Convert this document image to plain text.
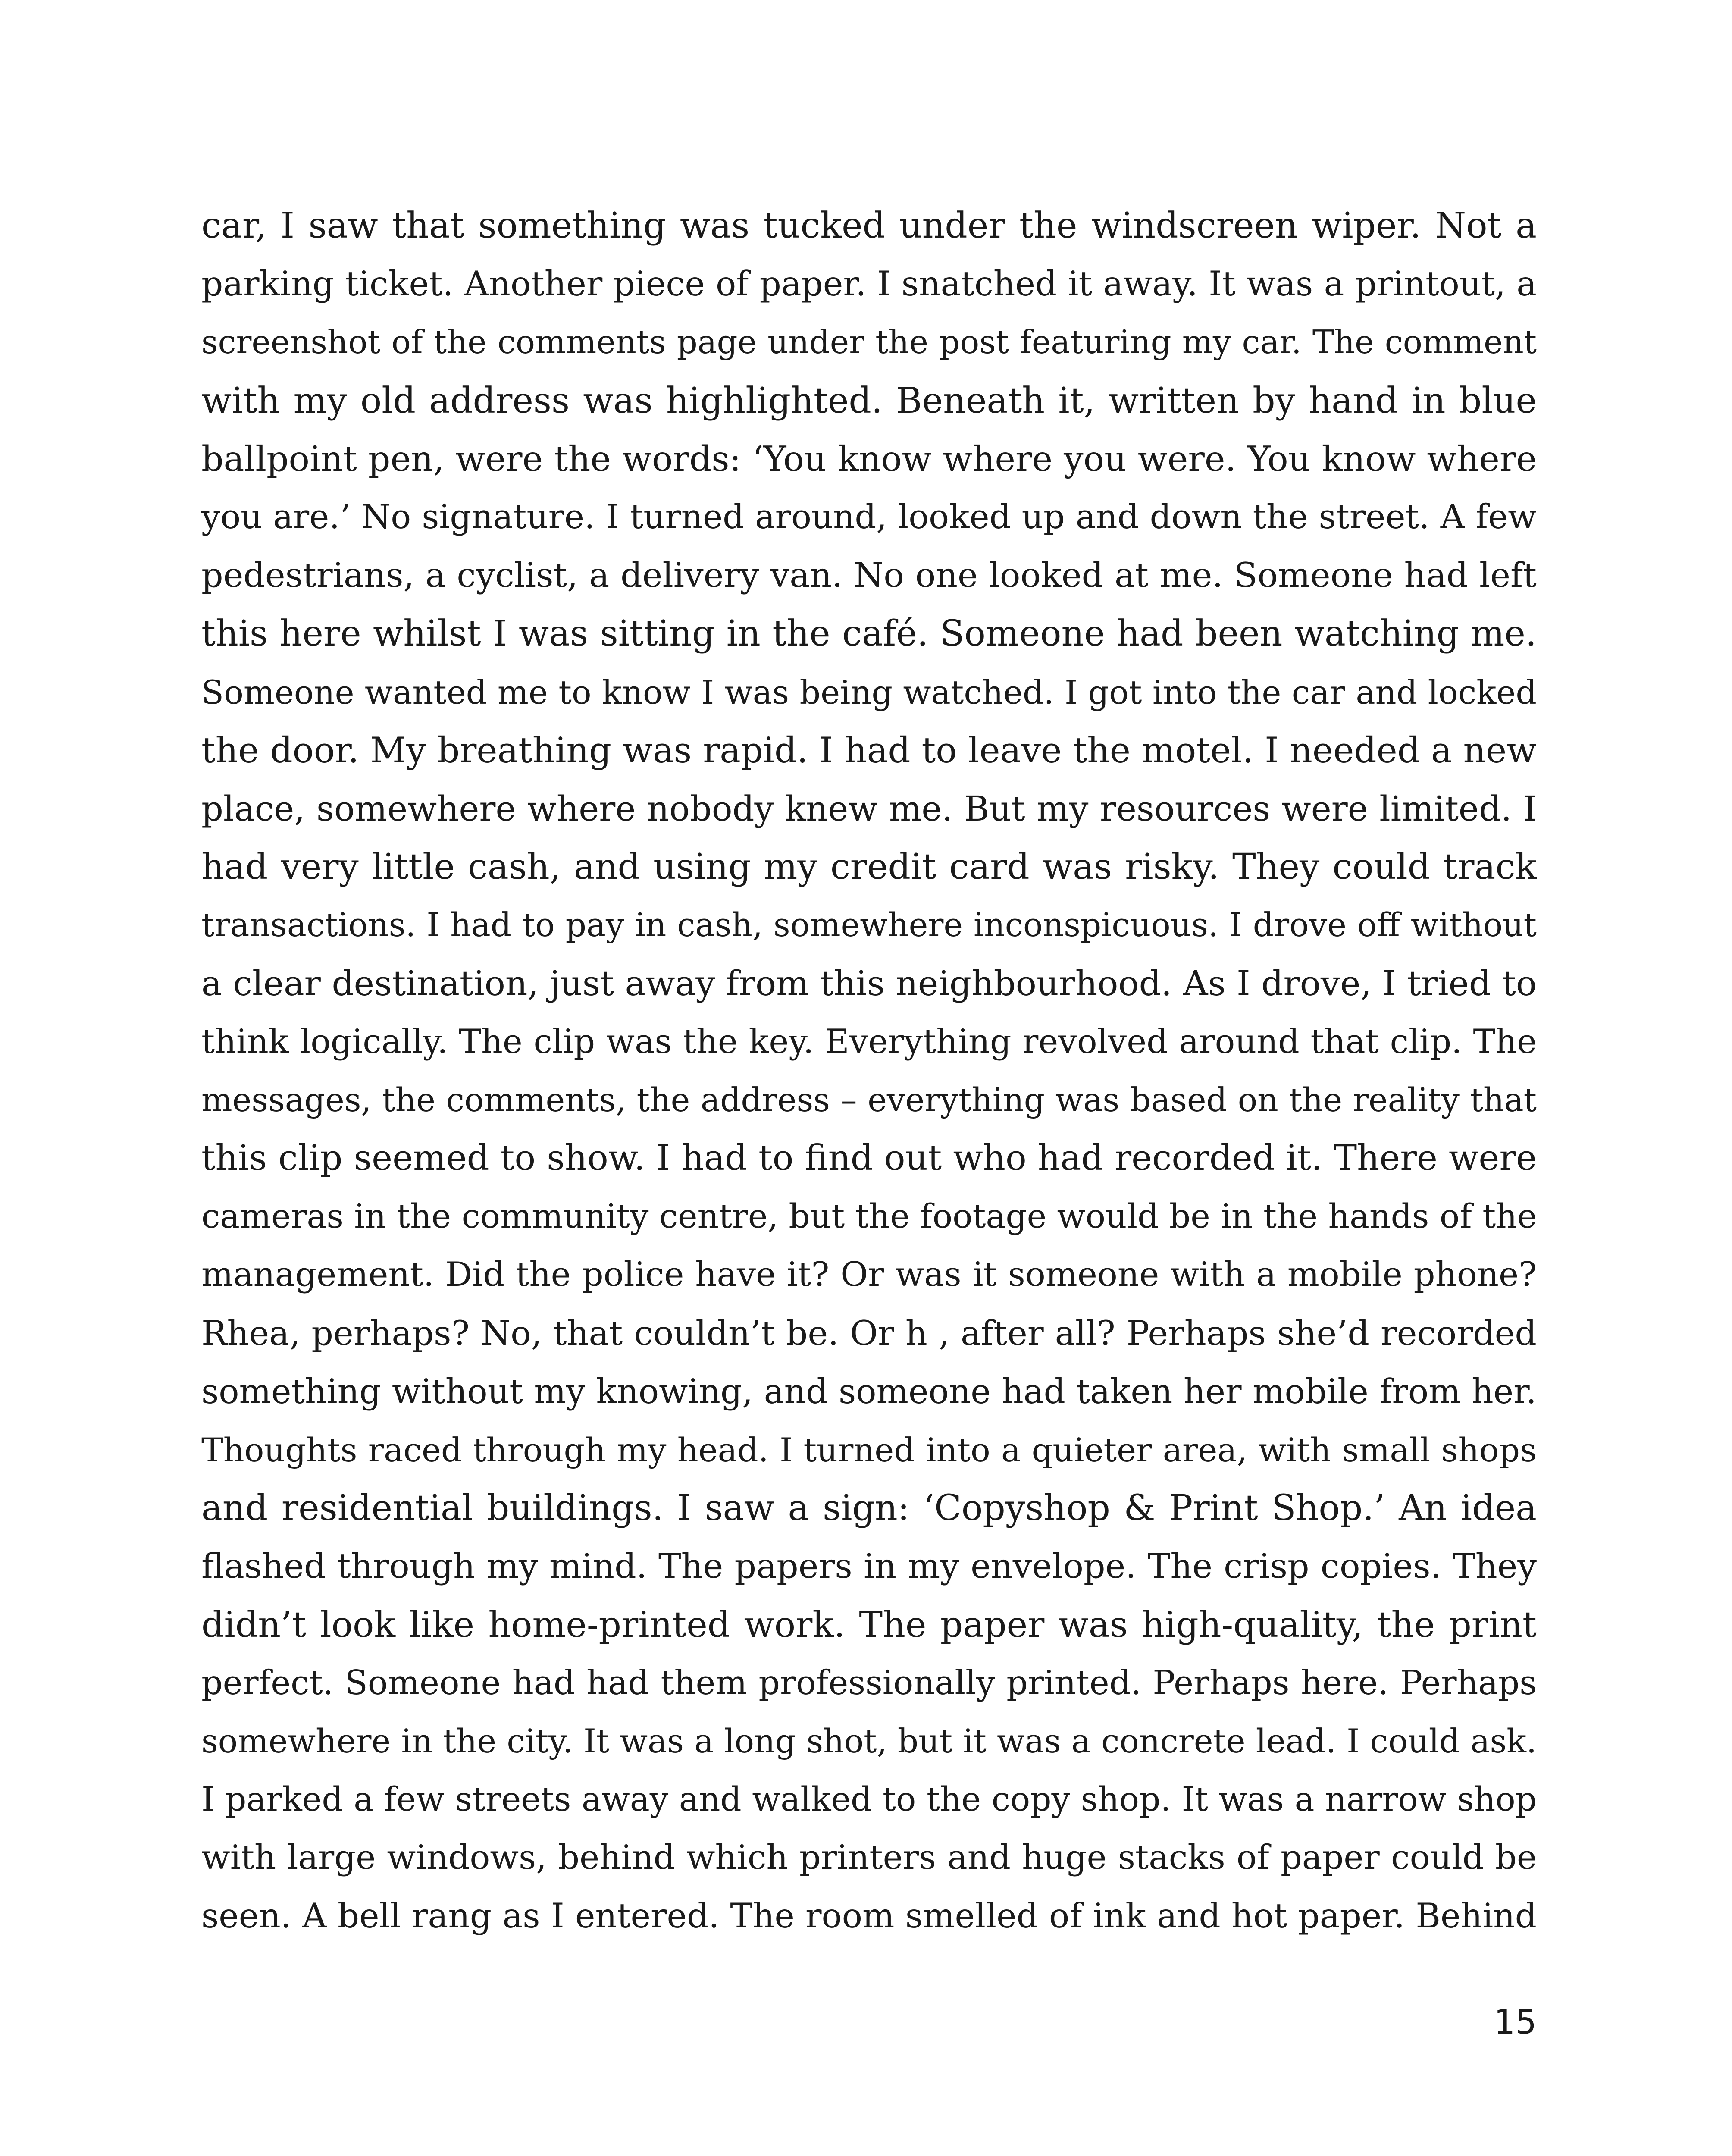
car, I saw that something was tucked under the windscreen wiper. Not a
parking ticket. Another piece of paper. I snatched it away. It was a printout, a
screenshot of the comments page under the post featuring my car. The comment
with my old address was highlighted. Beneath it, written by hand in blue
ballpoint pen, were the words: ‘You know where you were. You know where
you are.’ No signature. I turned around, looked up and down the street. A few
pedestrians, a cyclist, a delivery van. No one looked at me. Someone had left
this here whilst I was sitting in the café. Someone had been watching me.
Someone wanted me to know I was being watched. I got into the car and locked
the door. My breathing was rapid. I had to leave the motel. I needed a new
place, somewhere where nobody knew me. But my resources were limited. I
had very little cash, and using my credit card was risky. They could track
transactions. I had to pay in cash, somewhere inconspicuous. I drove off without
a clear destination, just away from this neighbourhood. As I drove, I tried to
think logically. The clip was the key. Everything revolved around that clip. The
messages, the comments, the address – everything was based on the reality that
this clip seemed to show. I had to find out who had recorded it. There were
cameras in the community centre, but the footage would be in the hands of the
management. Did the police have it? Or was it someone with a mobile phone?
Rhea, perhaps? No, that couldn’t be. Or h , after all? Perhaps she’d recorded
something without my knowing, and someone had taken her mobile from her.
Thoughts raced through my head. I turned into a quieter area, with small shops
and residential buildings. I saw a sign: ‘Copyshop & Print Shop.’ An idea
flashed through my mind. The papers in my envelope. The crisp copies. They
didn’t look like home-printed work. The paper was high-quality, the print
perfect. Someone had had them professionally printed. Perhaps here. Perhaps
somewhere in the city. It was a long shot, but it was a concrete lead. I could ask.
I parked a few streets away and walked to the copy shop. It was a narrow shop
with large windows, behind which printers and huge stacks of paper could be
seen. A bell rang as I entered. The room smelled of ink and hot paper. Behind

15
